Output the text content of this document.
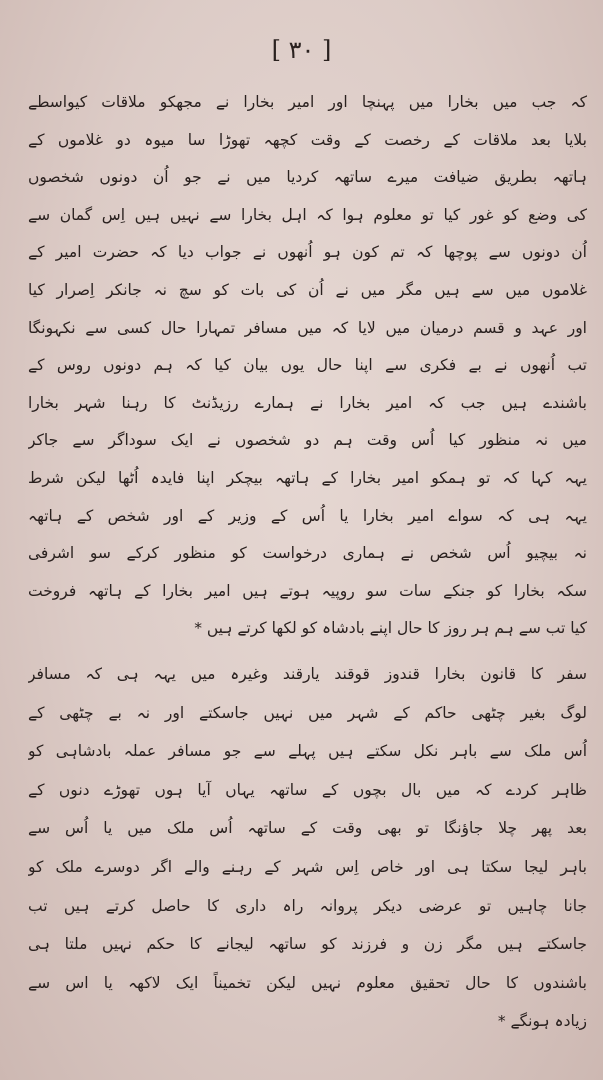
[ ۳۰ ]
کہ جب میں بخارا میں پہنچا اور امیر بخارا نے مجھکو ملاقات کیواسطے
بلایا بعد ملاقات کے رخصت کے وقت کچھہ تھوڑا سا میوہ دو غلاموں کے
ہاتھہ بطریق ضیافت میرے ساتھہ کردیا میں نے جو اُن دونوں شخصوں
کی وضع کو غور کیا تو معلوم ہوا کہ اہل بخارا سے نہیں ہیں اِس گمان سے
اُن دونوں سے پوچھا کہ تم کون ہو اُنھوں نے جواب دیا کہ حضرت امیر کے
غلاموں میں سے ہیں مگر میں نے اُن کی بات کو سچ نہ جانکر اِصرار کیا
اور عہد و قسم درمیان میں لایا کہ میں مسافر تمہارا حال کسی سے نکہونگا
تب اُنھوں نے بے فکری سے اپنا حال یوں بیان کیا کہ ہم دونوں روس کے
باشندے ہیں جب کہ امیر بخارا نے ہمارے رزیڈنٹ کا رہنا شہر بخارا
میں نہ منظور کیا اُس وقت ہم دو شخصوں نے ایک سوداگر سے جاکر
یہہ کہا کہ تو ہمکو امیر بخارا کے ہاتھہ بیچکر اپنا فایدہ اُٹھا لیکن شرط
یہہ ہی کہ سواے امیر بخارا یا اُس کے وزیر کے اور شخص کے ہاتھہ
نہ بیچیو اُس شخص نے ہماری درخواست کو منظور کرکے سو اشرفی
سکہ بخارا کو جنکے سات سو روپیہ ہوتے ہیں امیر بخارا کے ہاتھہ فروخت
کیا تب سے ہم ہر روز کا حال اپنے بادشاہ کو لکھا کرتے ہیں *
سفر کا قانون بخارا قندوز قوقند یارقند وغیرہ میں یہہ ہی کہ مسافر
لوگ بغیر چٹھی حاکم کے شہر میں نہیں جاسکتے اور نہ بے چٹھی کے
اُس ملک سے باہر نکل سکتے ہیں پہلے سے جو مسافر عملہ بادشاہی کو
ظاہر کردے کہ میں بال بچوں کے ساتھہ یہاں آیا ہوں تھوڑے دنوں کے
بعد پھر چلا جاؤنگا تو بھی وقت کے ساتھہ اُس ملک میں یا اُس سے
باہر لیجا سکتا ہی اور خاص اِس شہر کے رہنے والے اگر دوسرے ملک کو
جانا چاہیں تو عرضی دیکر پروانہ راہ داری کا حاصل کرتے ہیں تب
جاسکتے ہیں مگر زن و فرزند کو ساتھہ لیجانے کا حکم نہیں ملتا ہی
باشندوں کا حال تحقیق معلوم نہیں لیکن تخمیناً ایک لاکھہ یا اس سے
زیادہ ہونگے *
